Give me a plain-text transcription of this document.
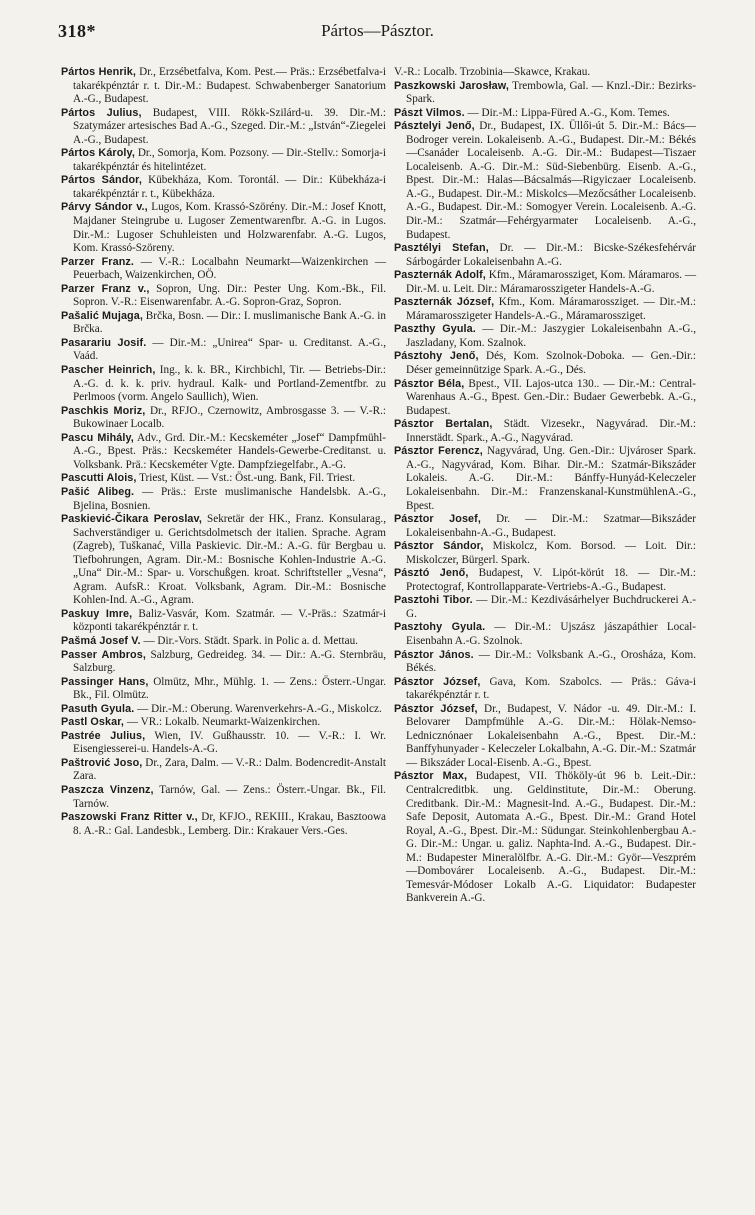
318*	Pártos—Pásztor.
Pártos Henrik, Dr., Erzsébetfalva, Kom. Pest.— Präs.: Erzsébetfalva-i takarékpénztár r. t. Dir.-M.: Budapest. Schwabenberger Sanatorium A.-G., Budapest.
Pártos Julius, Budapest, VIII. Rökk-Szilárd-u. 39. Dir.-M.: Szatymázer artesisches Bad A.-G., Szeged. Dir.-M.: „István“-Ziegelei A.-G., Budapest.
Pártos Károly, Dr., Somorja, Kom. Pozsony. — Dir.-Stellv.: Somorja-i takarékpénztár és hitelintézet.
Pártos Sándor, Kübekháza, Kom. Torontál. — Dir.: Kübekháza-i takarékpénztár r. t., Kübekháza.
Párvy Sándor v., Lugos, Kom. Krassó-Szörény. Dir.-M.: Josef Knott, Majdaner Steingrube u. Lugoser Zementwarenfbr. A.-G. in Lugos. Dir.-M.: Lugoser Schuhleisten und Holzwarenfabr. A.-G. Lugos, Kom. Krassó-Szöreny.
Parzer Franz. — V.-R.: Localbahn Neumarkt—Waizenkirchen — Peuerbach, Waizenkirchen, OÖ.
Parzer Franz v., Sopron, Ung. Dir.: Pester Ung. Kom.-Bk., Fil. Sopron. V.-R.: Eisenwarenfabr. A.-G. Sopron-Graz, Sopron.
Pašalić Mujaga, Brčka, Bosn. — Dir.: I. muslimanische Bank A.-G. in Brčka.
Pasarariu Josif. — Dir.-M.: „Unirea“ Spar- u. Creditanst. A.-G., Vaád.
Pascher Heinrich, Ing., k. k. BR., Kirchbichl, Tir. — Betriebs-Dir.: A.-G. d. k. k. priv. hydraul. Kalk- und Portland-Zementfbr. zu Perlmoos (vorm. Angelo Saullich), Wien.
Paschkis Moriz, Dr., RFJO., Czernowitz, Ambrosgasse 3. — V.-R.: Bukowinaer Localb.
Pascu Mihály, Adv., Grd. Dir.-M.: Kecskeméter „Josef“ Dampfmühl-A.-G., Bpest. Präs.: Kecskeméter Handels-Gewerbe-Creditanst. u. Volksbank. Prä.: Kecskeméter Vgte. Dampfziegelfabr., A.-G.
Pascutti Alois, Triest, Küst. — Vst.: Öst.-ung. Bank, Fil. Triest.
Pašić Alibeg. — Präs.: Erste muslimanische Handelsbk. A.-G., Bjelina, Bosnien.
Paskiević-Čikara Peroslav, Sekretär der HK., Franz. Konsularag., Sachverständiger u. Gerichtsdolmetsch der italien. Sprache. Agram (Zagreb), Tuškanać, Villa Paskievic. Dir.-M.: A.-G. für Bergbau u. Tiefbohrungen, Agram. Dir.-M.: Bosnische Kohlen-Industrie A.-G. „Una“ Dir.-M.: Spar- u. Vorschußgen. kroat. Schriftsteller „Vesna“, Agram. AufsR.: Kroat. Volksbank, Agram. Dir.-M.: Bosnische Kohlen-Ind. A.-G., Agram.
Paskuy Imre, Baliz-Vasvár, Kom. Szatmár. — V.-Präs.: Szatmár-i központi takarékpénztár r. t.
Pašmá Josef V. — Dir.-Vors. Städt. Spark. in Polic a. d. Mettau.
Passer Ambros, Salzburg, Gedreideg. 34. — Dir.: A.-G. Sternbräu, Salzburg.
Passinger Hans, Olmütz, Mhr., Mühlg. 1. — Zens.: Österr.-Ungar. Bk., Fil. Olmütz.
Pasuth Gyula. — Dir.-M.: Oberung. Warenverkehrs-A.-G., Miskolcz.
Pastl Oskar, — VR.: Lokalb. Neumarkt-Waizenkirchen.
Pastrée Julius, Wien, IV. Gußhausstr. 10. — V.-R.: I. Wr. Eisengiesserei-u. Handels-A.-G.
Paštrović Joso, Dr., Zara, Dalm. — V.-R.: Dalm. Bodencredit-Anstalt Zara.
Paszcza Vinzenz, Tarnów, Gal. — Zens.: Österr.-Ungar. Bk., Fil. Tarnów.
Paszowski Franz Ritter v., Dr, KFJO., REKIII., Krakau, Basztoowa 8. A.-R.: Gal. Landesbk., Lemberg. Dir.: Krakauer Vers.-Ges.
V.-R.: Localb. Trzobinia—Skawce, Krakau.
Paszkowski Jarosław, Trembowla, Gal. — Knzl.-Dir.: Bezirks-Spark.
Pászt Vilmos. — Dir.-M.: Lippa-Füred A.-G., Kom. Temes.
Pásztelyi Jenő, Dr., Budapest, IX. Üllői-út 5. Dir.-M.: Bács—Bodroger verein. Lokaleisenb. A.-G., Budapest. Dir.-M.: Békés—Csanáder Localeisenb. A.-G. Dir.-M.: Budapest—Tiszaer Localeisenb. A.-G. Dir.-M.: Süd-Siebenbürg. Eisenb. A.-G., Bpest. Dir.-M.: Halas—Bácsalmás—Rigyiczaer Localeisenb. A.-G., Budapest. Dir.-M.: Miskolcs—Mezőcsáther Localeisenb. A.-G., Budapest. Dir.-M.: Somogyer Verein. Localeisenb. A.-G. Dir.-M.: Szatmár—Fehérgyarmater Localeisenb. A.-G., Budapest.
Pasztélyi Stefan, Dr. — Dir.-M.: Bicske-Székesfehérvár Sárbogárder Lokaleisenbahn A.-G.
Paszternák Adolf, Kfm., Máramarossziget, Kom. Máramaros. — Dir.-M. u. Leit. Dir.: Máramarosszigeter Handels-A.-G.
Paszternák József, Kfm., Kom. Máramarossziget. — Dir.-M.: Máramarosszigeter Handels-A.-G., Máramarossziget.
Paszthy Gyula. — Dir.-M.: Jaszygier Lokaleisenbahn A.-G., Jaszladany, Kom. Szalnok.
Pásztohy Jenő, Dés, Kom. Szolnok-Doboka. — Gen.-Dir.: Déser gemeinnützige Spark. A.-G., Dés.
Pásztor Béla, Bpest., VII. Lajos-utca 130.. — Dir.-M.: Central-Warenhaus A.-G., Bpest. Gen.-Dir.: Budaer Gewerbebk. A.-G., Budapest.
Pásztor Bertalan, Städt. Vizesekr., Nagyvárad. Dir.-M.: Innerstädt. Spark., A.-G., Nagyvárad.
Pásztor Ferencz, Nagyvárad, Ung. Gen.-Dir.: Ujvároser Spark. A.-G., Nagyvárad, Kom. Bihar. Dir.-M.: Szatmár-Bikszáder Lokaleis. A.-G. Dir.-M.: Bánffy-Hunyád-Keleczeler Lokaleisenbahn. Dir.-M.: Franzenskanal-KunstmühlenA.-G., Bpest.
Pásztor Josef, Dr. — Dir.-M.: Szatmar—Bikszáder Lokaleisenbahn-A.-G., Budapest.
Pásztor Sándor, Miskolcz, Kom. Borsod. — Loit. Dir.: Miskolczer, Bürgerl. Spark.
Pásztó Jenő, Budapest, V. Lipót-körút 18. — Dir.-M.: Protectograf, Kontrollapparate-Vertriebs-A.-G., Budapest.
Pasztohi Tibor. — Dir.-M.: Kezdivásárhelyer Buchdruckerei A.-G.
Pasztohy Gyula. — Dir.-M.: Ujszász jászapáthier Local-Eisenbahn A.-G. Szolnok.
Pásztor János. — Dir.-M.: Volksbank A.-G., Orosháza, Kom. Békés.
Pásztor József, Gava, Kom. Szabolcs. — Präs.: Gáva-i takarékpénztár r. t.
Pásztor József, Dr., Budapest, V. Nádor -u. 49. Dir.-M.: I. Belovarer Dampfmühle A.-G. Dir.-M.: Hölak-Nemso-Lednicznónaer Lokaleisenbahn A.-G., Bpest. Dir.-M.: Banffyhunyader - Keleczeler Lokalbahn, A.-G. Dir.-M.: Szatmár — Bikszáder Local-Eisenb. A.-G., Bpest.
Pásztor Max, Budapest, VII. Thököly-út 96 b. Leit.-Dir.: Centralcreditbk. ung. Geldinstitute, Dir.-M.: Oberung. Creditbank. Dir.-M.: Magnesit-Ind. A.-G., Budapest. Dir.-M.: Safe Deposit, Automata A.-G., Bpest. Dir.-M.: Grand Hotel Royal, A.-G., Bpest. Dir.-M.: Südungar. Steinkohlenbergbau A.-G. Dir.-M.: Ungar. u. galiz. Naphta-Ind. A.-G., Budapest. Dir.-M.: Budapester Mineralölfbr. A.-G. Dir.-M.: Györ—Veszprém—Dombovárer Localeisenb. A.-G., Budapest. Dir.-M.: Temesvár-Módoser Lokalb A.-G. Liquidator: Budapester Bankverein A.-G.
